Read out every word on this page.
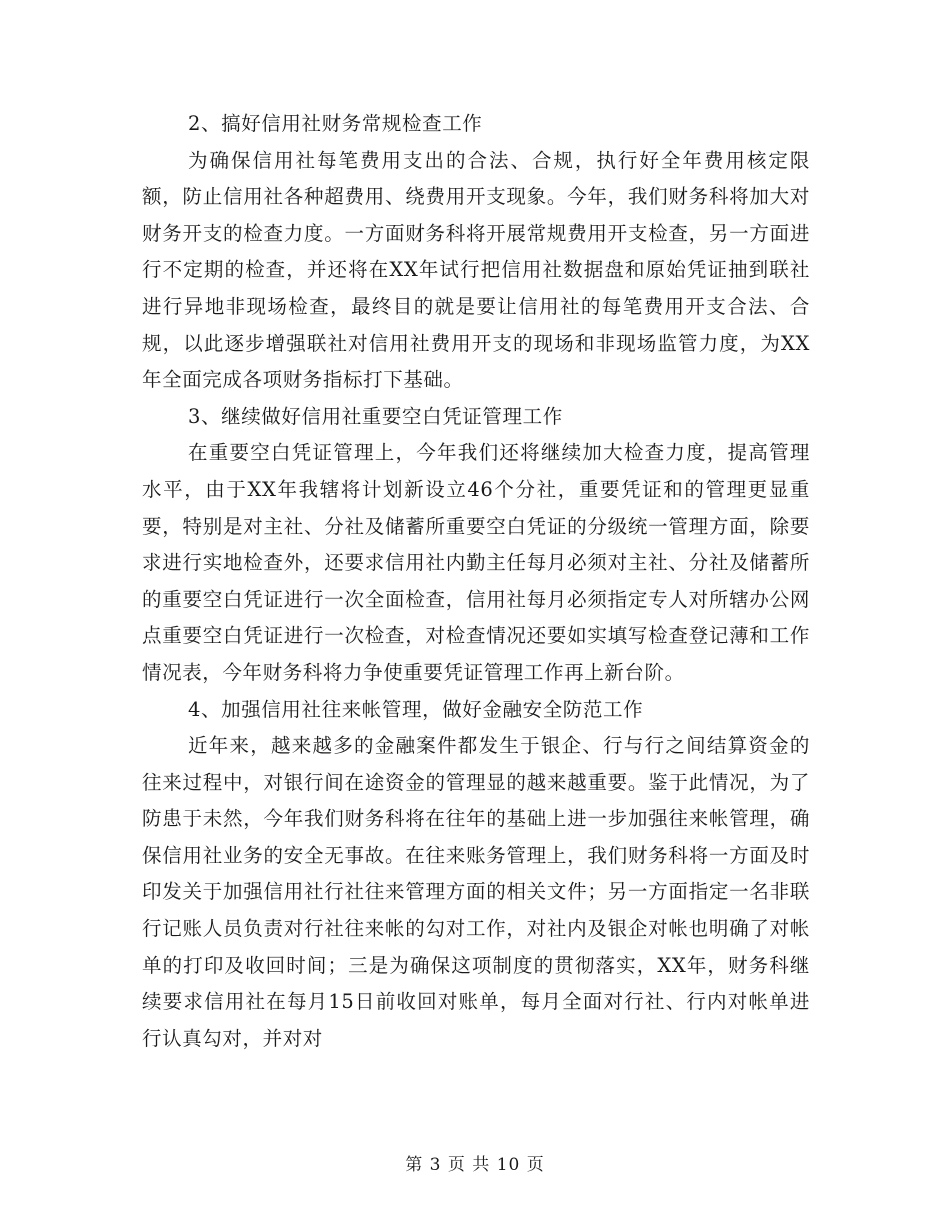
2、搞好信用社财务常规检查工作

为确保信用社每笔费用支出的合法、合规，执行好全年费用核定限额，防止信用社各种超费用、绕费用开支现象。今年，我们财务科将加大对财务开支的检查力度。一方面财务科将开展常规费用开支检查，另一方面进行不定期的检查，并还将在XX年试行把信用社数据盘和原始凭证抽到联社进行异地非现场检查，最终目的就是要让信用社的每笔费用开支合法、合规，以此逐步增强联社对信用社费用开支的现场和非现场监管力度，为XX年全面完成各项财务指标打下基础。

3、继续做好信用社重要空白凭证管理工作

在重要空白凭证管理上，今年我们还将继续加大检查力度，提高管理水平，由于XX年我辖将计划新设立46个分社，重要凭证和的管理更显重要，特别是对主社、分社及储蓄所重要空白凭证的分级统一管理方面，除要求进行实地检查外，还要求信用社内勤主任每月必须对主社、分社及储蓄所的重要空白凭证进行一次全面检查，信用社每月必须指定专人对所辖办公网点重要空白凭证进行一次检查，对检查情况还要如实填写检查登记薄和工作情况表，今年财务科将力争使重要凭证管理工作再上新台阶。

4、加强信用社往来帐管理，做好金融安全防范工作

近年来，越来越多的金融案件都发生于银企、行与行之间结算资金的往来过程中，对银行间在途资金的管理显的越来越重要。鉴于此情况，为了防患于未然，今年我们财务科将在往年的基础上进一步加强往来帐管理，确保信用社业务的安全无事故。在往来账务管理上，我们财务科将一方面及时印发关于加强信用社行社往来管理方面的相关文件；另一方面指定一名非联行记账人员负责对行社往来帐的勾对工作，对社内及银企对帐也明确了对帐单的打印及收回时间；三是为确保这项制度的贯彻落实，XX年，财务科继续要求信用社在每月15日前收回对账单，每月全面对行社、行内对帐单进行认真勾对，并对对

第 3 页 共 10 页
